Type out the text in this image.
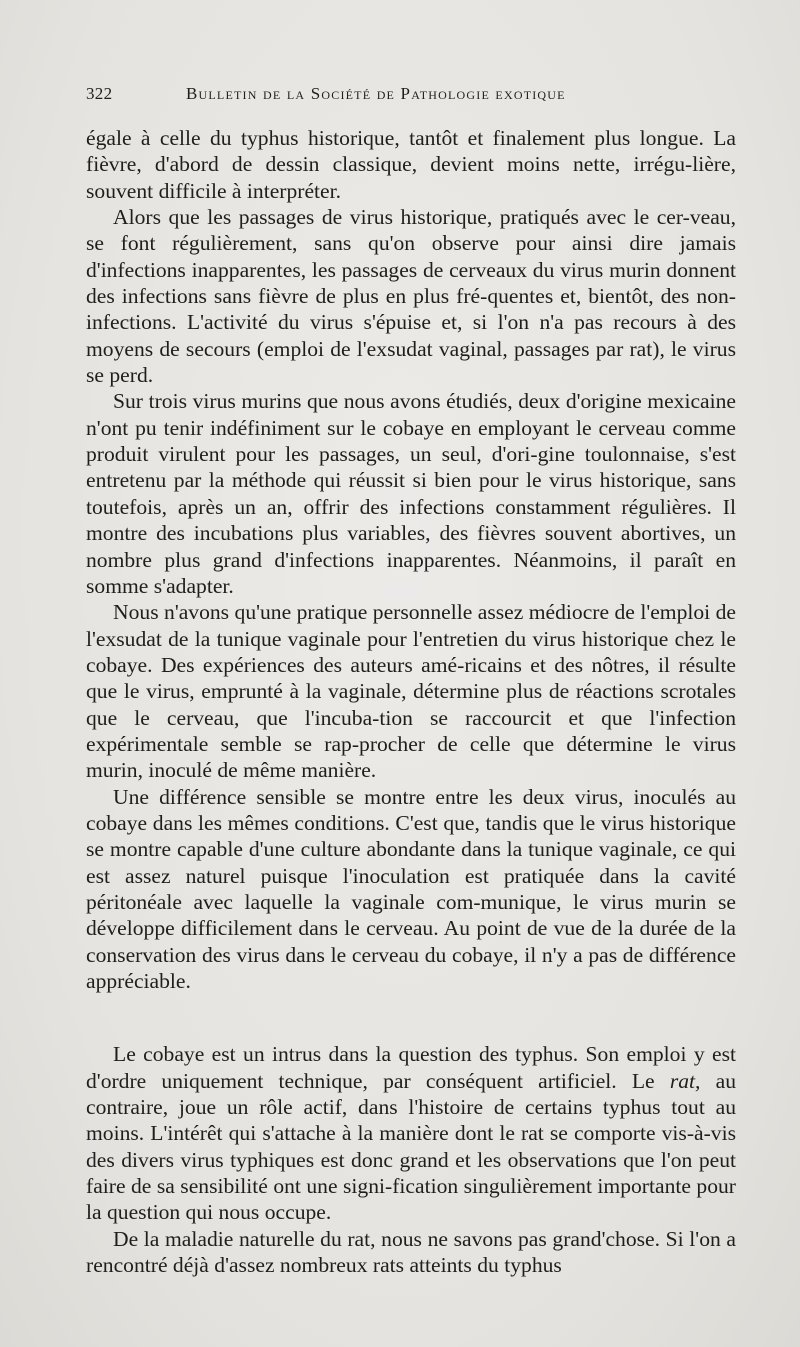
322	Bulletin de la Société de Pathologie exotique

égale à celle du typhus historique, tantôt et finalement plus longue. La fièvre, d'abord de dessin classique, devient moins nette, irrégu-lière, souvent difficile à interpréter.

Alors que les passages de virus historique, pratiqués avec le cer-veau, se font régulièrement, sans qu'on observe pour ainsi dire jamais d'infections inapparentes, les passages de cerveaux du virus murin donnent des infections sans fièvre de plus en plus fré-quentes et, bientôt, des non-infections. L'activité du virus s'épuise et, si l'on n'a pas recours à des moyens de secours (emploi de l'exsudat vaginal, passages par rat), le virus se perd.

Sur trois virus murins que nous avons étudiés, deux d'origine mexicaine n'ont pu tenir indéfiniment sur le cobaye en employant le cerveau comme produit virulent pour les passages, un seul, d'ori-gine toulonnaise, s'est entretenu par la méthode qui réussit si bien pour le virus historique, sans toutefois, après un an, offrir des infections constamment régulières. Il montre des incubations plus variables, des fièvres souvent abortives, un nombre plus grand d'infections inapparentes. Néanmoins, il paraît en somme s'adapter.

Nous n'avons qu'une pratique personnelle assez médiocre de l'emploi de l'exsudat de la tunique vaginale pour l'entretien du virus historique chez le cobaye. Des expériences des auteurs amé-ricains et des nôtres, il résulte que le virus, emprunté à la vaginale, détermine plus de réactions scrotales que le cerveau, que l'incuba-tion se raccourcit et que l'infection expérimentale semble se rap-procher de celle que détermine le virus murin, inoculé de même manière.

Une différence sensible se montre entre les deux virus, inoculés au cobaye dans les mêmes conditions. C'est que, tandis que le virus historique se montre capable d'une culture abondante dans la tunique vaginale, ce qui est assez naturel puisque l'inoculation est pratiquée dans la cavité péritonéale avec laquelle la vaginale com-munique, le virus murin se développe difficilement dans le cerveau. Au point de vue de la durée de la conservation des virus dans le cerveau du cobaye, il n'y a pas de différence appréciable.

Le cobaye est un intrus dans la question des typhus. Son emploi y est d'ordre uniquement technique, par conséquent artificiel. Le rat, au contraire, joue un rôle actif, dans l'histoire de certains typhus tout au moins. L'intérêt qui s'attache à la manière dont le rat se comporte vis-à-vis des divers virus typhiques est donc grand et les observations que l'on peut faire de sa sensibilité ont une signi-fication singulièrement importante pour la question qui nous occupe.

De la maladie naturelle du rat, nous ne savons pas grand'chose. Si l'on a rencontré déjà d'assez nombreux rats atteints du typhus
